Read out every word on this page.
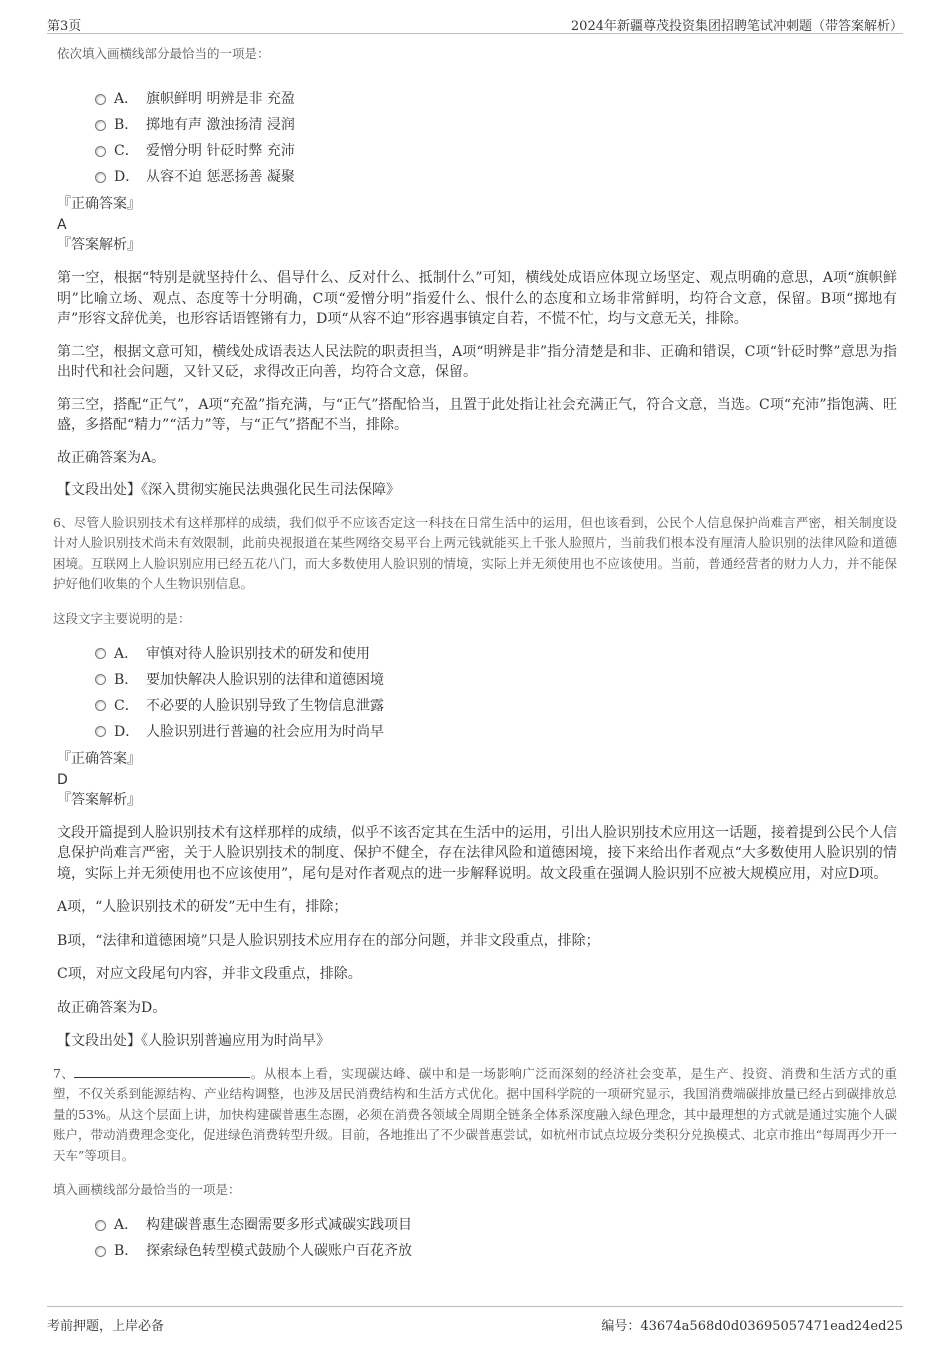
第3页	2024年新疆尊茂投资集团招聘笔试冲刺题（带答案解析）
依次填入画横线部分最恰当的一项是：
A． 旗帜鲜明 明辨是非 充盈
B． 掷地有声 激浊扬清 浸润
C． 爱憎分明 针砭时弊 充沛
D． 从容不迫 惩恶扬善 凝聚
『正确答案』
A
『答案解析』
第一空，根据“特别是就坚持什么、倡导什么、反对什么、抵制什么”可知，横线处成语应体现立场坚定、观点明确的意思，A项“旗帜鲜明”比喻立场、观点、态度等十分明确，C项“爱憎分明”指爱什么、恨什么的态度和立场非常鲜明，均符合文意，保留。B项“掷地有声”形容文辞优美，也形容话语铿锵有力，D项“从容不迫”形容遇事镇定自若，不慌不忙，均与文意无关，排除。
第二空，根据文意可知，横线处成语表达人民法院的职责担当，A项“明辨是非”指分清楚是和非、正确和错误，C项“针砭时弊”意思为指出时代和社会问题，又针又砭，求得改正向善，均符合文意，保留。
第三空，搭配“正气”，A项“充盈”指充满，与“正气”搭配恰当，且置于此处指让社会充满正气，符合文意，当选。C项“充沛”指饱满、旺盛，多搭配“精力”“活力”等，与“正气”搭配不当，排除。
故正确答案为A。
【文段出处】《深入贯彻实施民法典强化民生司法保障》
6、尽管人脸识别技术有这样那样的成绩，我们似乎不应该否定这一科技在日常生活中的运用，但也该看到，公民个人信息保护尚难言严密，相关制度设计对人脸识别技术尚未有效限制，此前央视报道在某些网络交易平台上两元钱就能买上千张人脸照片，当前我们根本没有厘清人脸识别的法律风险和道德困境。互联网上人脸识别应用已经五花八门，而大多数使用人脸识别的情境，实际上并无须使用也不应该使用。当前，普通经营者的财力人力，并不能保护好他们收集的个人生物识别信息。
这段文字主要说明的是：
A． 审慎对待人脸识别技术的研发和使用
B． 要加快解决人脸识别的法律和道德困境
C． 不必要的人脸识别导致了生物信息泄露
D． 人脸识别进行普遍的社会应用为时尚早
『正确答案』
D
『答案解析』
文段开篇提到人脸识别技术有这样那样的成绩，似乎不该否定其在生活中的运用，引出人脸识别技术应用这一话题，接着提到公民个人信息保护尚难言严密，关于人脸识别技术的制度、保护不健全，存在法律风险和道德困境，接下来给出作者观点“大多数使用人脸识别的情境，实际上并无须使用也不应该使用”，尾句是对作者观点的进一步解释说明。故文段重在强调人脸识别不应被大规模应用，对应D项。
A项，“人脸识别技术的研发”无中生有，排除；
B项，“法律和道德困境”只是人脸识别技术应用存在的部分问题，并非文段重点，排除；
C项，对应文段尾句内容，并非文段重点，排除。
故正确答案为D。
【文段出处】《人脸识别普遍应用为时尚早》
7、	。从根本上看，实现碳达峰、碳中和是一场影响广泛而深刻的经济社会变革，是生产、投资、消费和生活方式的重塑，不仅关系到能源结构、产业结构调整，也涉及居民消费结构和生活方式优化。据中国科学院的一项研究显示，我国消费端碳排放量已经占到碳排放总量的53%。从这个层面上讲，加快构建碳普惠生态圈，必须在消费各领域全周期全链条全体系深度融入绿色理念，其中最理想的方式就是通过实施个人碳账户，带动消费理念变化，促进绿色消费转型升级。目前，各地推出了不少碳普惠尝试，如杭州市试点垃圾分类积分兑换模式、北京市推出“每周再少开一天车”等项目。
填入画横线部分最恰当的一项是：
A． 构建碳普惠生态圈需要多形式减碳实践项目
B． 探索绿色转型模式鼓励个人碳账户百花齐放
考前押题，上岸必备	编号：43674a568d0d03695057471ead24ed25
